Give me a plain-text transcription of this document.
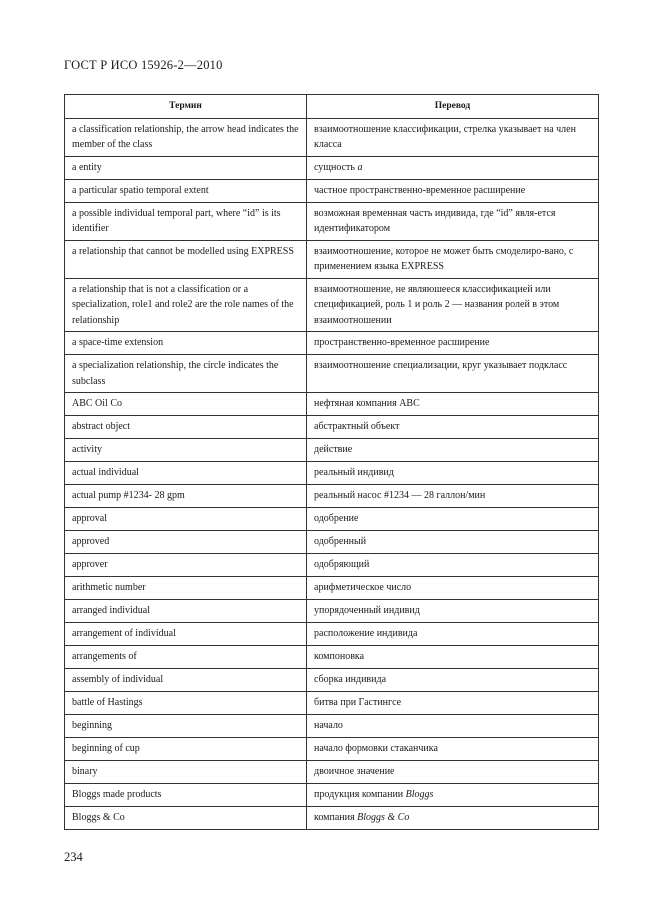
ГОСТ Р ИСО 15926-2—2010
Термин	Перевод
a classification relationship, the arrow head indicates the member of the class	взаимоотношение классификации, стрелка указывает на член класса
a entity	сущность a
a particular spatio temporal extent	частное пространственно-временное расширение
a possible individual temporal part, where “id” is its identifier	возможная временная часть индивида, где “id” явля-ется идентификатором
a relationship that cannot be modelled using EXPRESS	взаимоотношение, которое не может быть смоделиро-вано, с применением языка EXPRESS
a relationship that is not a classification or a specialization, role1 and role2 are the role names of the relationship	взаимоотношение, не являюшееся классификацией или спецификацией, роль 1 и роль 2 — названия ролей в этом взаимоотношении
a space-time extension	пространственно-временное расширение
a specialization relationship, the circle indicates the subclass	взаимоотношение специализации, круг указывает подкласс
ABC Oil Co	нефтяная компания ABC
abstract object	абстрактный объект
activity	действие
actual individual	реальный индивид
actual pump #1234- 28 gpm	реальный насос #1234 — 28 галлон/мин
approval	одобрение
approved	одобренный
approver	одобряющий
arithmetic number	арифметическое число
arranged individual	упорядоченный индивид
arrangement of individual	расположение индивида
arrangements of	компоновка
assembly of individual	сборка индивида
battle of Hastings	битва при Гастингсе
beginning	начало
beginning of cup	начало формовки стаканчика
binary	двоичное значение
Bloggs made products	продукция компании Bloggs
Bloggs & Co	компания Bloggs & Co
234
